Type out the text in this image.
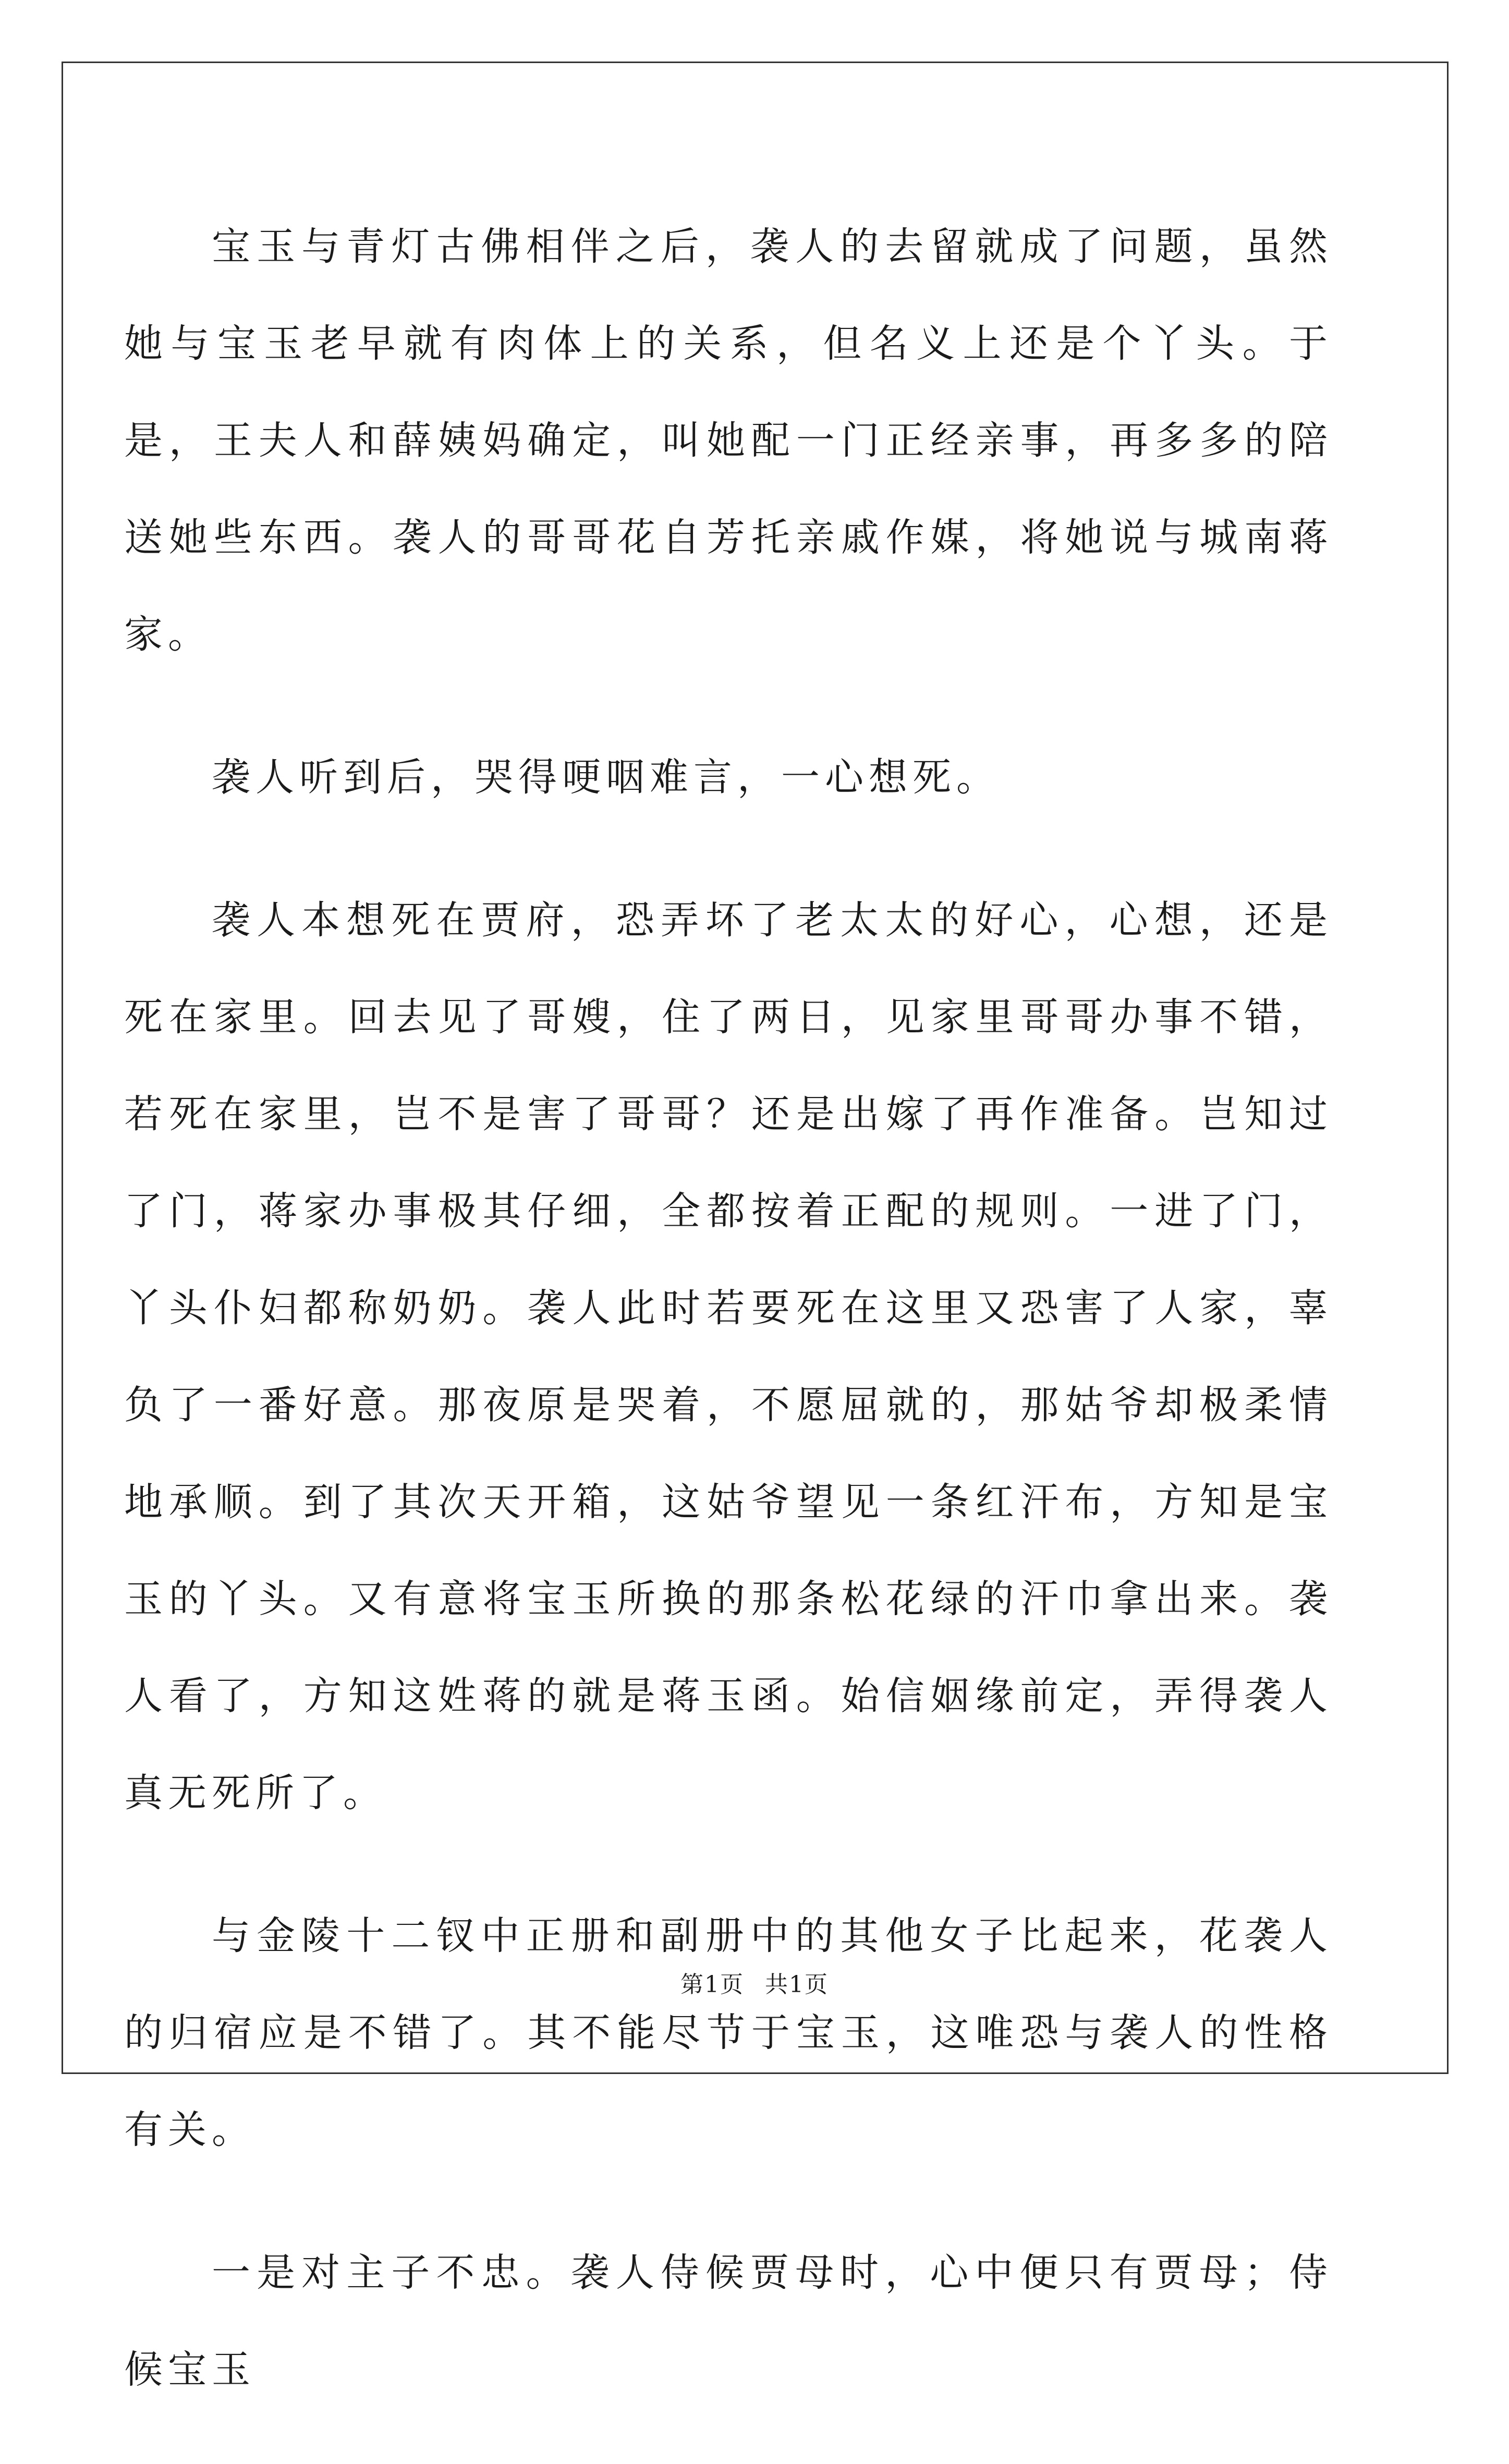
宝玉与青灯古佛相伴之后，袭人的去留就成了问题，虽然她与宝玉老早就有肉体上的关系，但名义上还是个丫头。于是，王夫人和薛姨妈确定，叫她配一门正经亲事，再多多的陪送她些东西。袭人的哥哥花自芳托亲戚作媒，将她说与城南蒋家。

袭人听到后，哭得哽咽难言，一心想死。

袭人本想死在贾府，恐弄坏了老太太的好心，心想，还是死在家里。回去见了哥嫂，住了两日，见家里哥哥办事不错，若死在家里，岂不是害了哥哥？还是出嫁了再作准备。岂知过了门，蒋家办事极其仔细，全都按着正配的规则。一进了门，丫头仆妇都称奶奶。袭人此时若要死在这里又恐害了人家，辜负了一番好意。那夜原是哭着，不愿屈就的，那姑爷却极柔情地承顺。到了其次天开箱，这姑爷望见一条红汗布，方知是宝玉的丫头。又有意将宝玉所换的那条松花绿的汗巾拿出来。袭人看了，方知这姓蒋的就是蒋玉函。始信姻缘前定，弄得袭人真无死所了。

与金陵十二钗中正册和副册中的其他女子比起来，花袭人的归宿应是不错了。其不能尽节于宝玉，这唯恐与袭人的性格有关。

一是对主子不忠。袭人侍候贾母时，心中便只有贾母；侍候宝玉

第1页 共1页
